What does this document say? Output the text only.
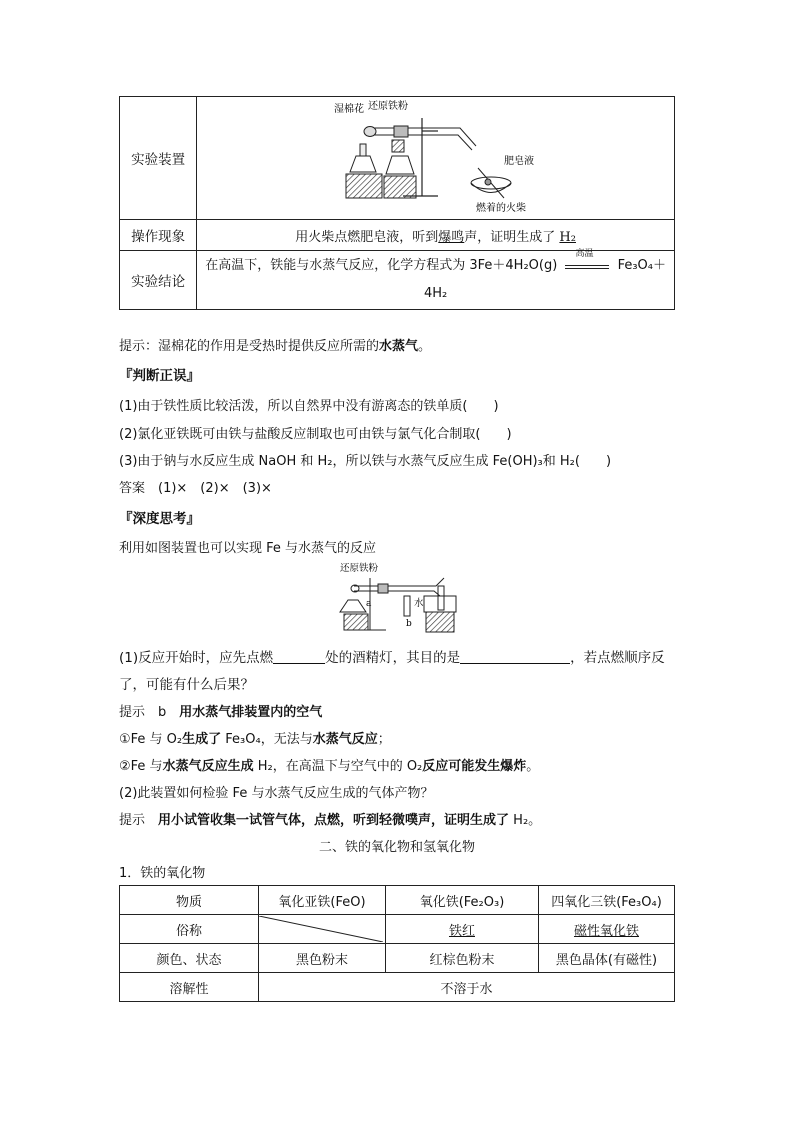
实验装置	湿棉花 还原铁粉
肥皂液
燃着的火柴

操作现象	用火柴点燃肥皂液，听到爆鸣声，证明生成了 H₂
实验结论	在高温下，铁能与水蒸气反应，化学方程式为 3Fe＋4H₂O(g)
高温
Fe₃O₄＋
4H₂
提示：湿棉花的作用是受热时提供反应所需的水蒸气。
『判断正误』
(1)由于铁性质比较活泼，所以自然界中没有游离态的铁单质(　　)
(2)氯化亚铁既可由铁与盐酸反应制取也可由铁与氯气化合制取(　　)
(3)由于钠与水反应生成 NaOH 和 H₂，所以铁与水蒸气反应生成 Fe(OH)₃和 H₂(　　)
答案　(1)×　(2)×　(3)×
『深度思考』
利用如图装置也可以实现 Fe 与水蒸气的反应
还原铁粉
a	水
b
(1)反应开始时，应先点燃	处的酒精灯，其目的是	，若点燃顺序反
了，可能有什么后果？
提示　b　用水蒸气排装置内的空气
①Fe 与 O₂生成了 Fe₃O₄，无法与水蒸气反应；
②Fe 与水蒸气反应生成 H₂，在高温下与空气中的 O₂反应可能发生爆炸。
(2)此装置如何检验 Fe 与水蒸气反应生成的气体产物？
提示　用小试管收集一试管气体，点燃，听到轻微噗声，证明生成了 H₂。
二、铁的氧化物和氢氧化物
1．铁的氧化物
物质	氧化亚铁(FeO)	氧化铁(Fe₂O₃)	四氧化三铁(Fe₃O₄)
俗称		铁红	磁性氧化铁
颜色、状态	黑色粉末	红棕色粉末	黑色晶体(有磁性)
溶解性	不溶于水		
